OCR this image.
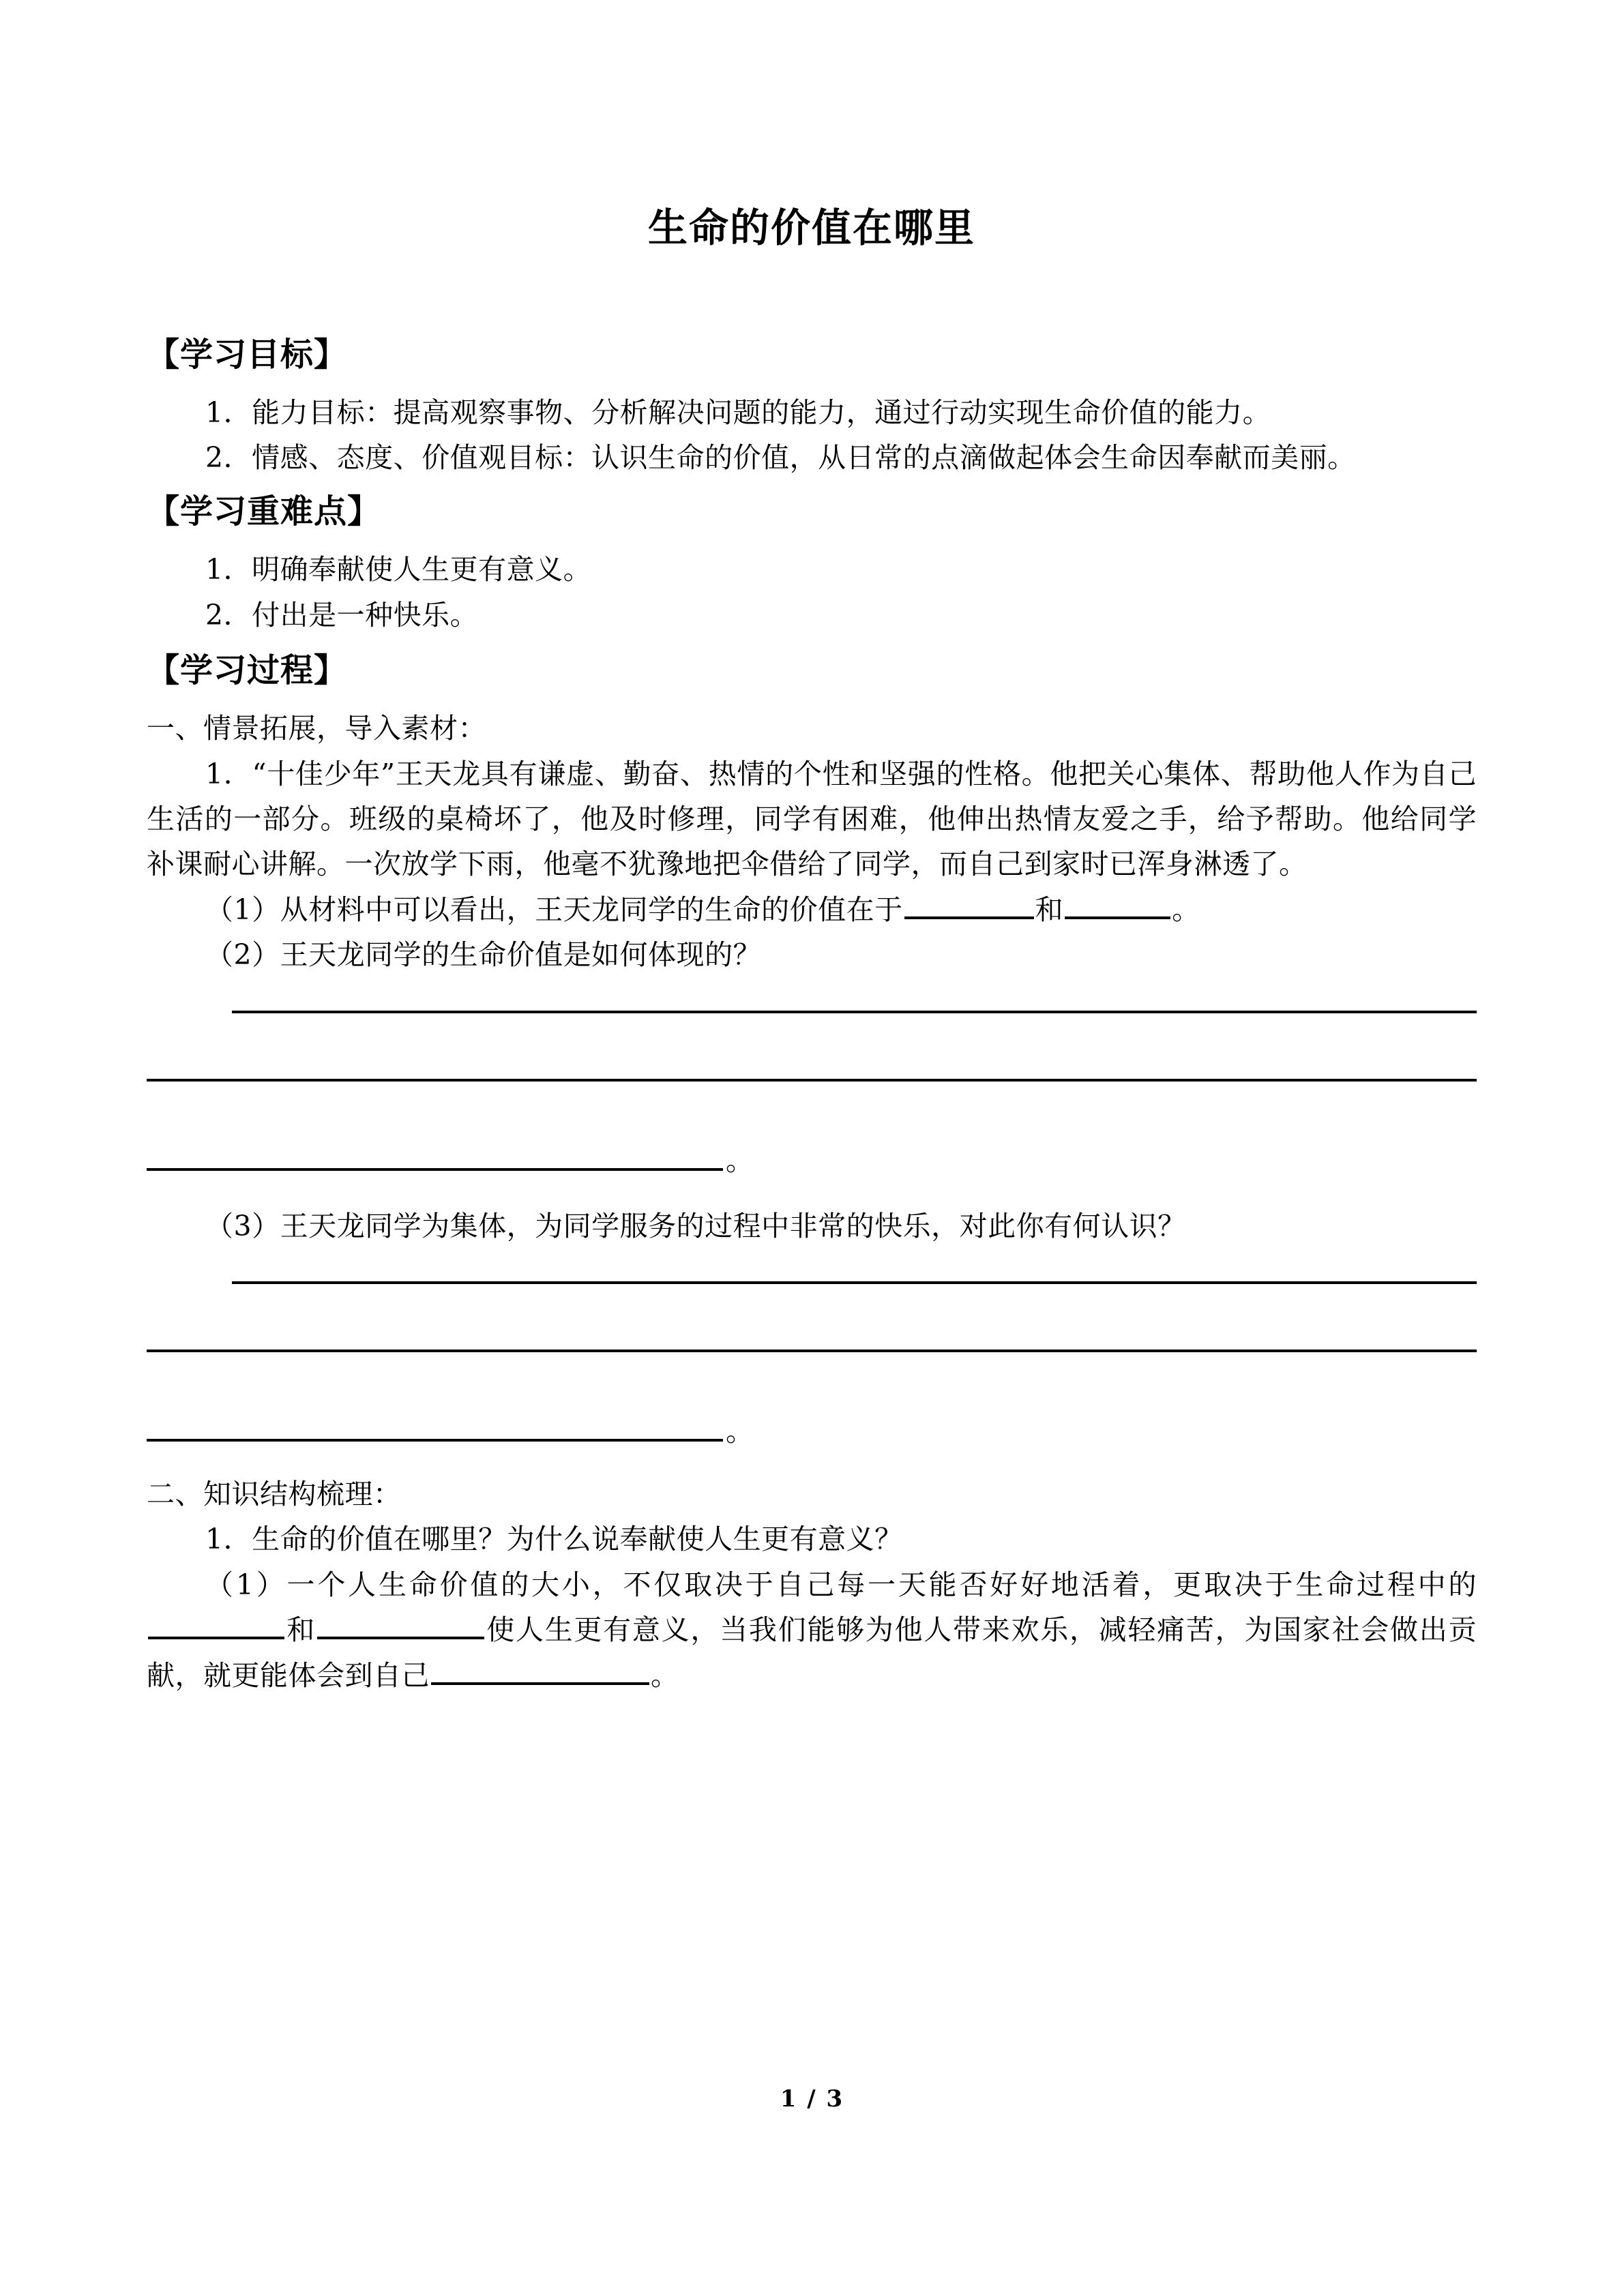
生命的价值在哪里
【学习目标】

1．能力目标：提高观察事物、分析解决问题的能力，通过行动实现生命价值的能力。

2．情感、态度、价值观目标：认识生命的价值，从日常的点滴做起体会生命因奉献而美丽。

【学习重难点】

1．明确奉献使人生更有意义。

2．付出是一种快乐。

【学习过程】

一、情景拓展，导入素材：

1．“十佳少年”王天龙具有谦虚、勤奋、热情的个性和坚强的性格。他把关心集体、帮助他人作为自己生活的一部分。班级的桌椅坏了，他及时修理，同学有困难，他伸出热情友爱之手，给予帮助。他给同学补课耐心讲解。一次放学下雨，他毫不犹豫地把伞借给了同学，而自己到家时已浑身淋透了。

（1）从材料中可以看出，王天龙同学的生命的价值在于	和	。

（2）王天龙同学的生命价值是如何体现的？

。

（3）王天龙同学为集体，为同学服务的过程中非常的快乐，对此你有何认识？

。

二、知识结构梳理：

1．生命的价值在哪里？为什么说奉献使人生更有意义？

（1）一个人生命价值的大小，不仅取决于自己每一天能否好好地活着，更取决于生命过程中的和	使人生更有意义，当我们能够为他人带来欢乐，减轻痛苦，为国家社会做出贡献，就更能体会到自己	。

1 / 3
